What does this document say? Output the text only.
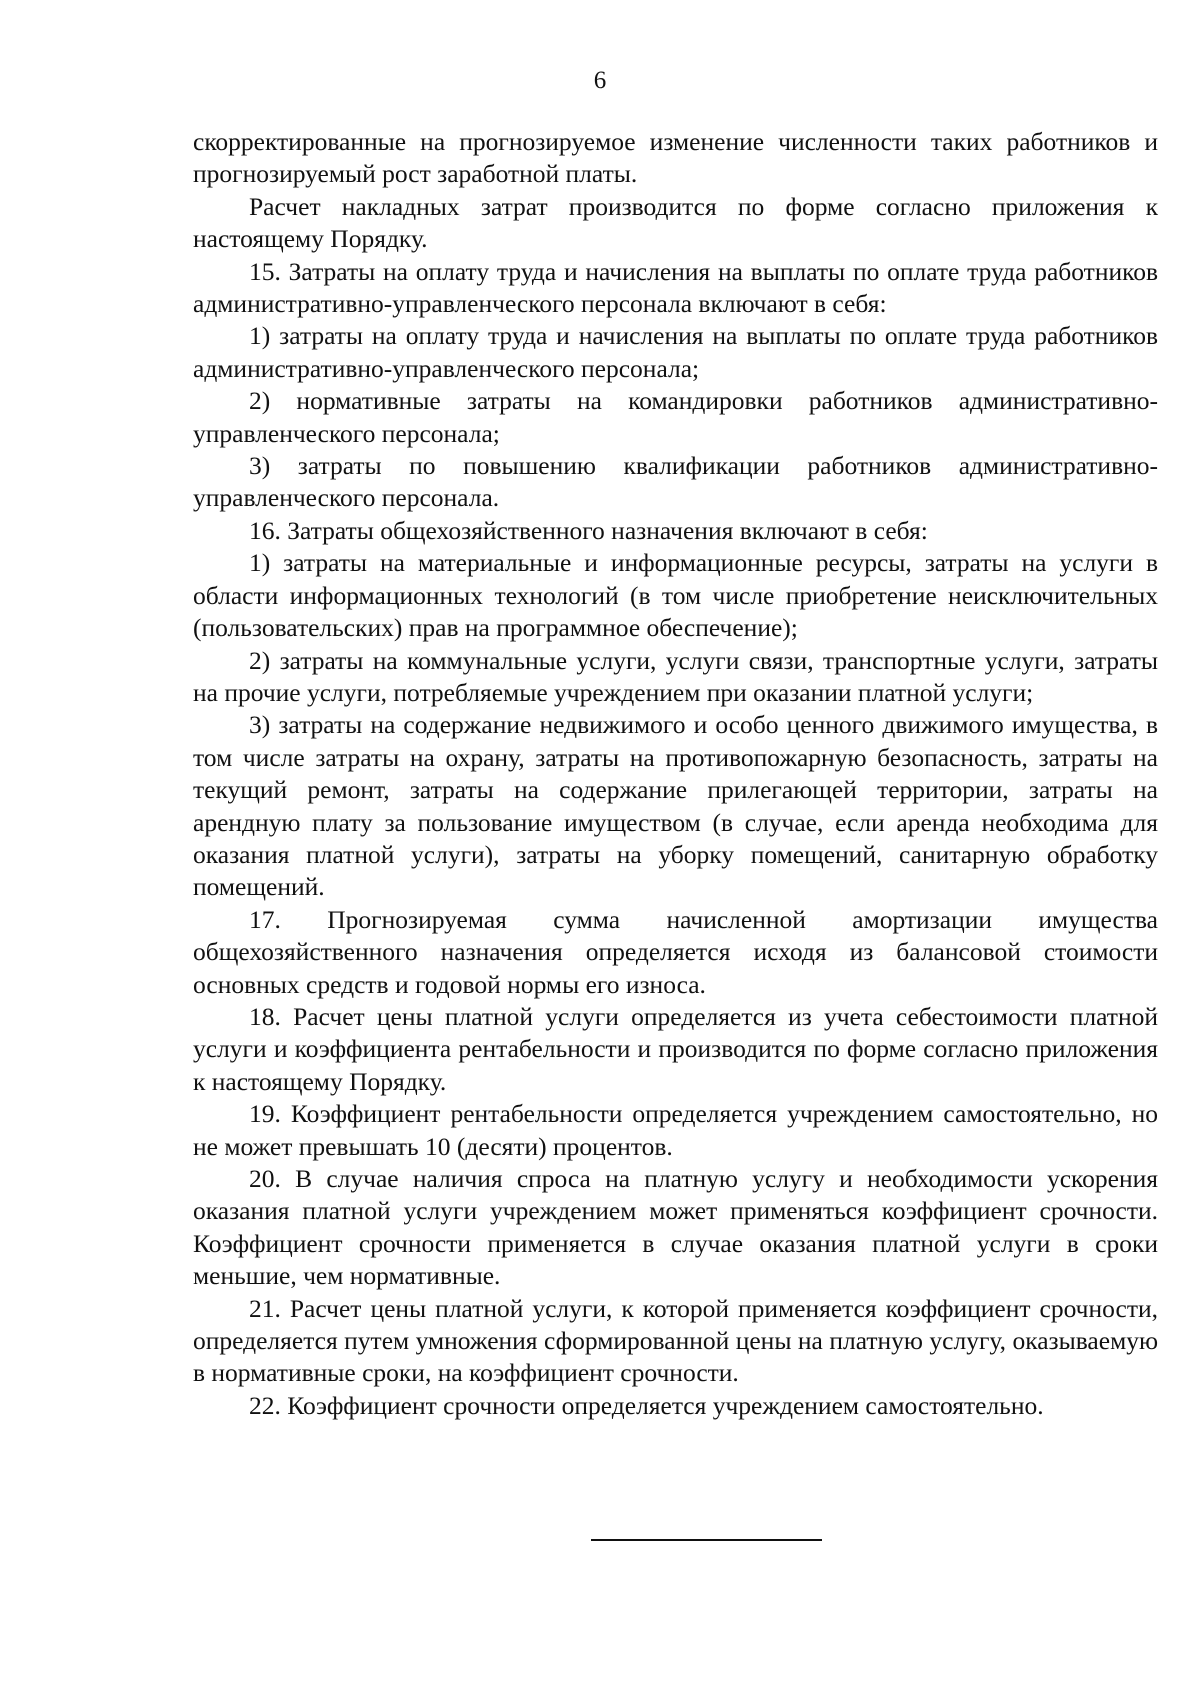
6

скорректированные на прогнозируемое изменение численности таких работников и прогнозируемый рост заработной платы.

Расчет накладных затрат производится по форме согласно приложения к настоящему Порядку.

15. Затраты на оплату труда и начисления на выплаты по оплате труда работников административно-управленческого персонала включают в себя:

1) затраты на оплату труда и начисления на выплаты по оплате труда работников административно-управленческого персонала;

2) нормативные затраты на командировки работников административно-управленческого персонала;

3) затраты по повышению квалификации работников административно-управленческого персонала.

16. Затраты общехозяйственного назначения включают в себя:

1) затраты на материальные и информационные ресурсы, затраты на услуги в области информационных технологий (в том числе приобретение неисключительных (пользовательских) прав на программное обеспечение);

2) затраты на коммунальные услуги, услуги связи, транспортные услуги, затраты на прочие услуги, потребляемые учреждением при оказании платной услуги;

3) затраты на содержание недвижимого и особо ценного движимого имущества, в том числе затраты на охрану, затраты на противопожарную безопасность, затраты на текущий ремонт, затраты на содержание прилегающей территории, затраты на арендную плату за пользование имуществом (в случае, если аренда необходима для оказания платной услуги), затраты на уборку помещений, санитарную обработку помещений.

17. Прогнозируемая сумма начисленной амортизации имущества общехозяйственного назначения определяется исходя из балансовой стоимости основных средств и годовой нормы его износа.

18. Расчет цены платной услуги определяется из учета себестоимости платной услуги и коэффициента рентабельности и производится по форме согласно приложения к настоящему Порядку.

19. Коэффициент рентабельности определяется учреждением самостоятельно, но не может превышать 10 (десяти) процентов.

20. В случае наличия спроса на платную услугу и необходимости ускорения оказания платной услуги учреждением может применяться коэффициент срочности. Коэффициент срочности применяется в случае оказания платной услуги в сроки меньшие, чем нормативные.

21. Расчет цены платной услуги, к которой применяется коэффициент срочности, определяется путем умножения сформированной цены на платную услугу, оказываемую в нормативные сроки, на коэффициент срочности.

22. Коэффициент срочности определяется учреждением самостоятельно.
